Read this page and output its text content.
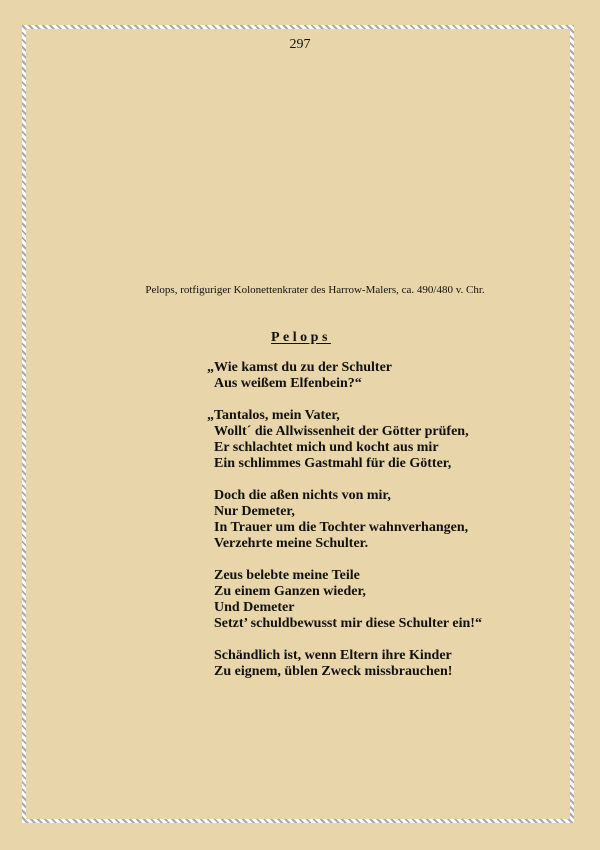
297
Pelops, rotfiguriger Kolonettenkrater des Harrow-Malers, ca. 490/480 v. Chr.
Pelops
„Wie kamst du zu der Schulter
Aus weißem Elfenbein?“
„Tantalos, mein Vater,
Wollt´ die Allwissenheit der Götter prüfen,
Er schlachtet mich und kocht aus mir
Ein schlimmes Gastmahl für die Götter,
Doch die aßen nichts von mir,
Nur Demeter,
In Trauer um die Tochter wahnverhangen,
Verzehrte meine Schulter.
Zeus belebte meine Teile
Zu einem Ganzen wieder,
Und Demeter
Setzt’ schuldbewusst mir diese Schulter ein!“
Schändlich ist, wenn Eltern ihre Kinder
Zu eignem, üblen Zweck missbrauchen!
